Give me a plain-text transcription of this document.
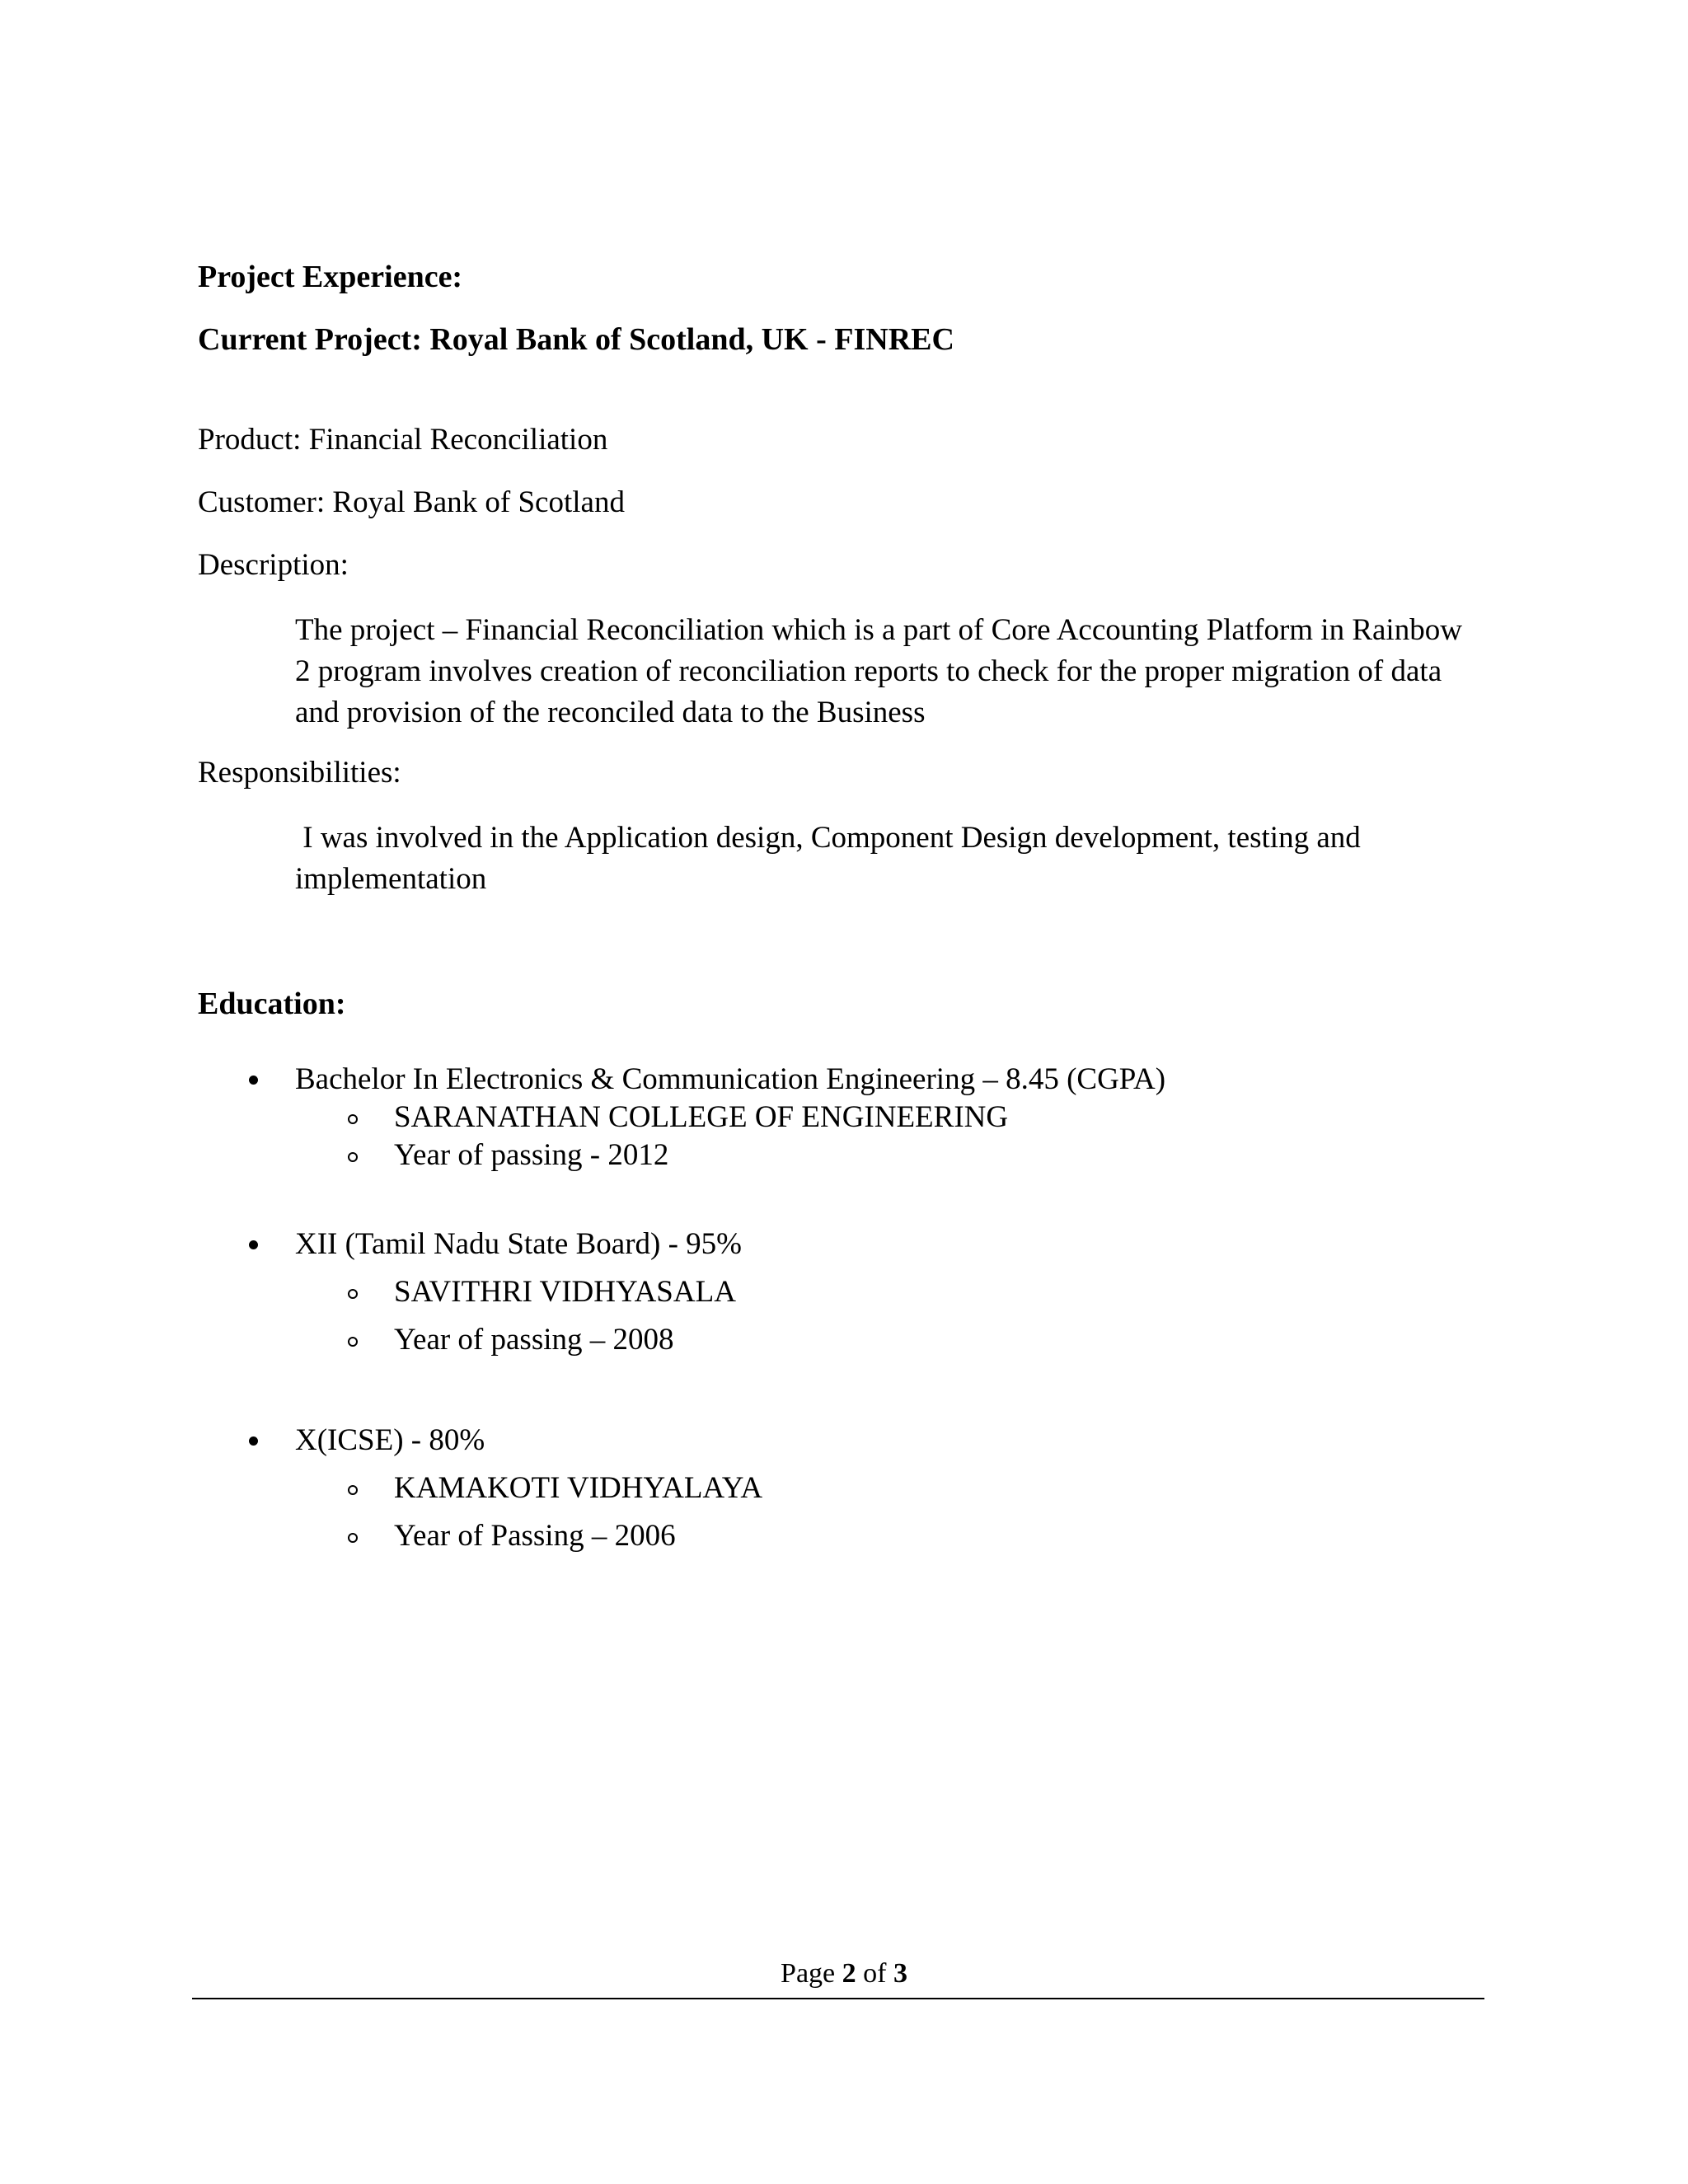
Project Experience:
Current Project: Royal Bank of Scotland, UK - FINREC
Product: Financial Reconciliation
Customer: Royal Bank of Scotland
Description:
The project – Financial Reconciliation which is a part of Core Accounting Platform in Rainbow 2 program involves creation of reconciliation reports to check for the proper migration of data and provision of the reconciled data to the Business
Responsibilities:
I was involved in the Application design, Component Design development, testing and implementation
Education:
Bachelor In Electronics & Communication Engineering – 8.45 (CGPA)
SARANATHAN COLLEGE OF ENGINEERING
Year of passing - 2012
XII (Tamil Nadu State Board) - 95%
SAVITHRI VIDHYASALA
Year of passing – 2008
X(ICSE) - 80%
KAMAKOTI VIDHYALAYA
Year of Passing – 2006
Page 2 of 3
